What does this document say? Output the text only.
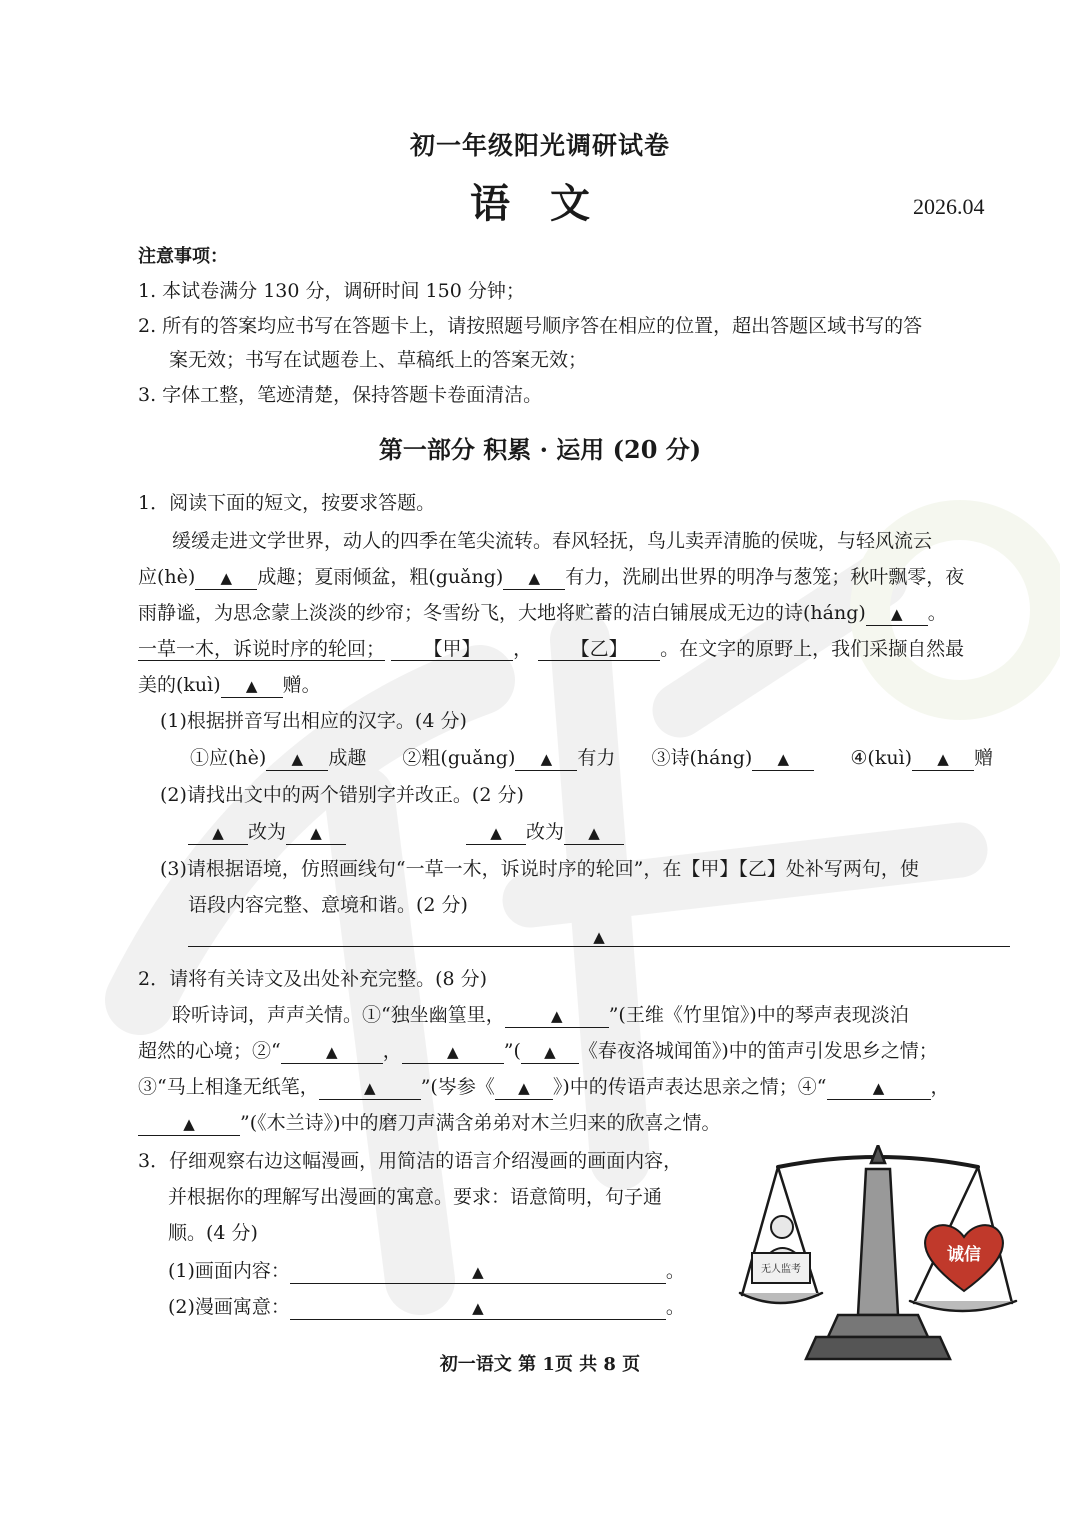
初一年级阳光调研试卷
语文	2026.04
注意事项：
1. 本试卷满分 130 分，调研时间 150 分钟；
2. 所有的答案均应书写在答题卡上，请按照题号顺序答在相应的位置，超出答题区域书写的答
案无效；书写在试题卷上、草稿纸上的答案无效；
3. 字体工整，笔迹清楚，保持答题卡卷面清洁。
第一部分 积累 · 运用 (20 分)
1．阅读下面的短文，按要求答题。
缓缓走进文学世界，动人的四季在笔尖流转。春风轻抚，鸟儿卖弄清脆的侯咙，与轻风流云
应(hè) ▲ 成趣；夏雨倾盆，粗(guǎng) ▲ 有力，洗刷出世界的明净与葱笼；秋叶飘零，夜
雨静谧，为思念蒙上淡淡的纱帘；冬雪纷飞，大地将贮蓄的洁白铺展成无边的诗(háng) ▲ 。
一草一木，诉说时序的轮回； 【甲】 ， 【乙】 。在文字的原野上，我们采撷自然最
美的(kuì) ▲ 赠。
(1)根据拼音写出相应的汉字。(4 分)
①应(hè) ▲ 成趣 ②粗(guǎng) ▲ 有力 ③诗(háng) ▲	④(kuì) ▲ 赠
(2)请找出文中的两个错别字并改正。(2 分)
▲ 改为 ▲	▲ 改为 ▲
(3)请根据语境，仿照画线句“一草一木，诉说时序的轮回”，在【甲】【乙】处补写两句，使
语段内容完整、意境和谐。(2 分)
▲
2．请将有关诗文及出处补充完整。(8 分)
聆听诗词，声声关情。①“独坐幽篁里，	▲ ”(王维《竹里馆》)中的琴声表现淡泊
超然的心境；②“	▲ ，	▲ ”( ▲ 《春夜洛城闻笛》)中的笛声引发思乡之情；
③“马上相逢无纸笔，	▲ ”(岑参《 ▲ 》)中的传语声表达思亲之情；④“	▲ ，
▲ ”(《木兰诗》)中的磨刀声满含弟弟对木兰归来的欣喜之情。
3．仔细观察右边这幅漫画，用简洁的语言介绍漫画的画面内容，
并根据你的理解写出漫画的寓意。要求：语意简明，句子通
顺。(4 分)
(1)画面内容：	▲	。
(2)漫画寓意：	▲	。
无人监考
诚信
初一语文 第 1页 共 8 页
